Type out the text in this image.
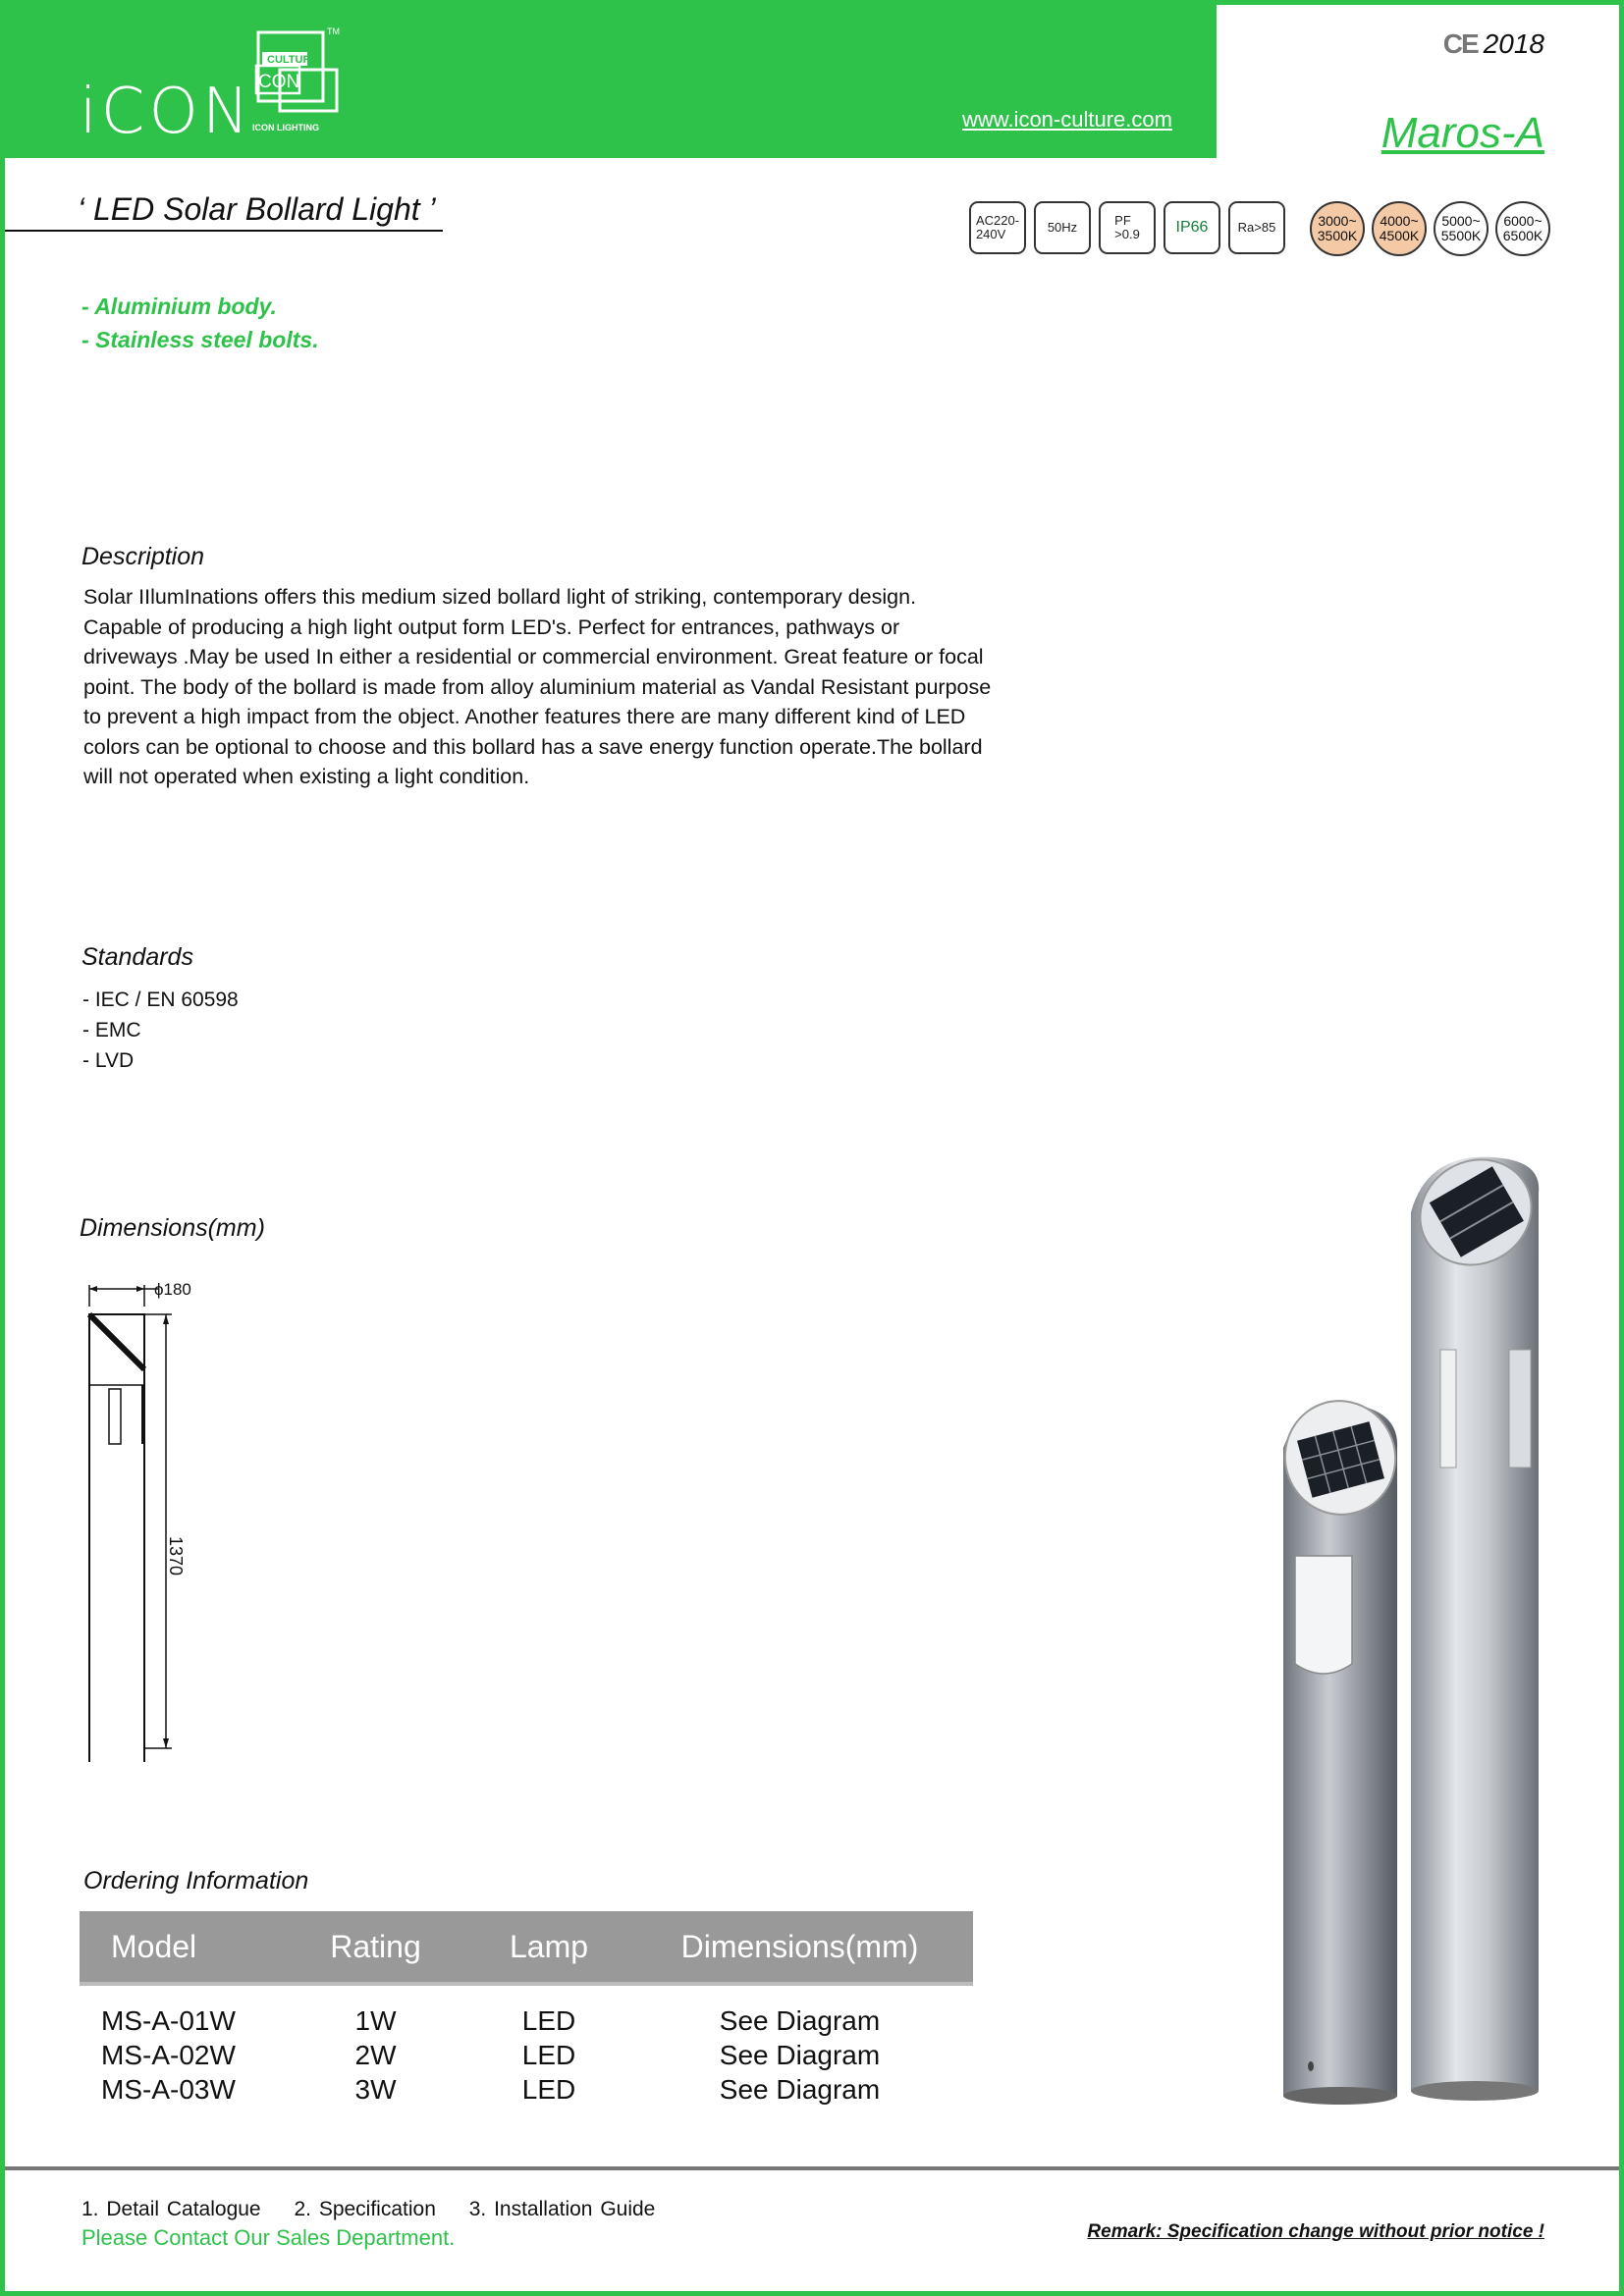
iCON
CULTURE
CON
ICON LIGHTING
TM
www.icon-culture.com
CE 2018
Maros-A
‘ LED Solar Bollard Light ’	AC220-
240V	50Hz	PF
>0.9	IP66	Ra>85	3000~
3500K
4000~
4500K
5000~
5500K
6000~
6500K
- Aluminium body.
- Stainless steel bolts.
Description
Solar IIlumInations offers this medium sized bollard light of striking, contemporary design. Capable of producing a high light output form LED's. Perfect for entrances, pathways or driveways .May be used In either a residential or commercial environment. Great feature or focal point. The body of the bollard is made from alloy aluminium material as Vandal Resistant purpose to prevent a high impact from the object. Another features there are many different kind of LED colors can be optional to choose and this bollard has a save energy function operate.The bollard will not operated when existing a light condition.
Standards
- IEC / EN 60598
- EMC
- LVD
Dimensions(mm)
ϕ180
1370
Ordering Information
Model	Rating	Lamp	Dimensions(mm)
MS-A-01W	1W	LED	See Diagram
MS-A-02W	2W	LED	See Diagram
MS-A-03W	3W	LED	See Diagram
1. Detail Catalogue 2. Specification 3. Installation Guide
Please Contact Our Sales Department.	Remark: Specification change without prior notice !
